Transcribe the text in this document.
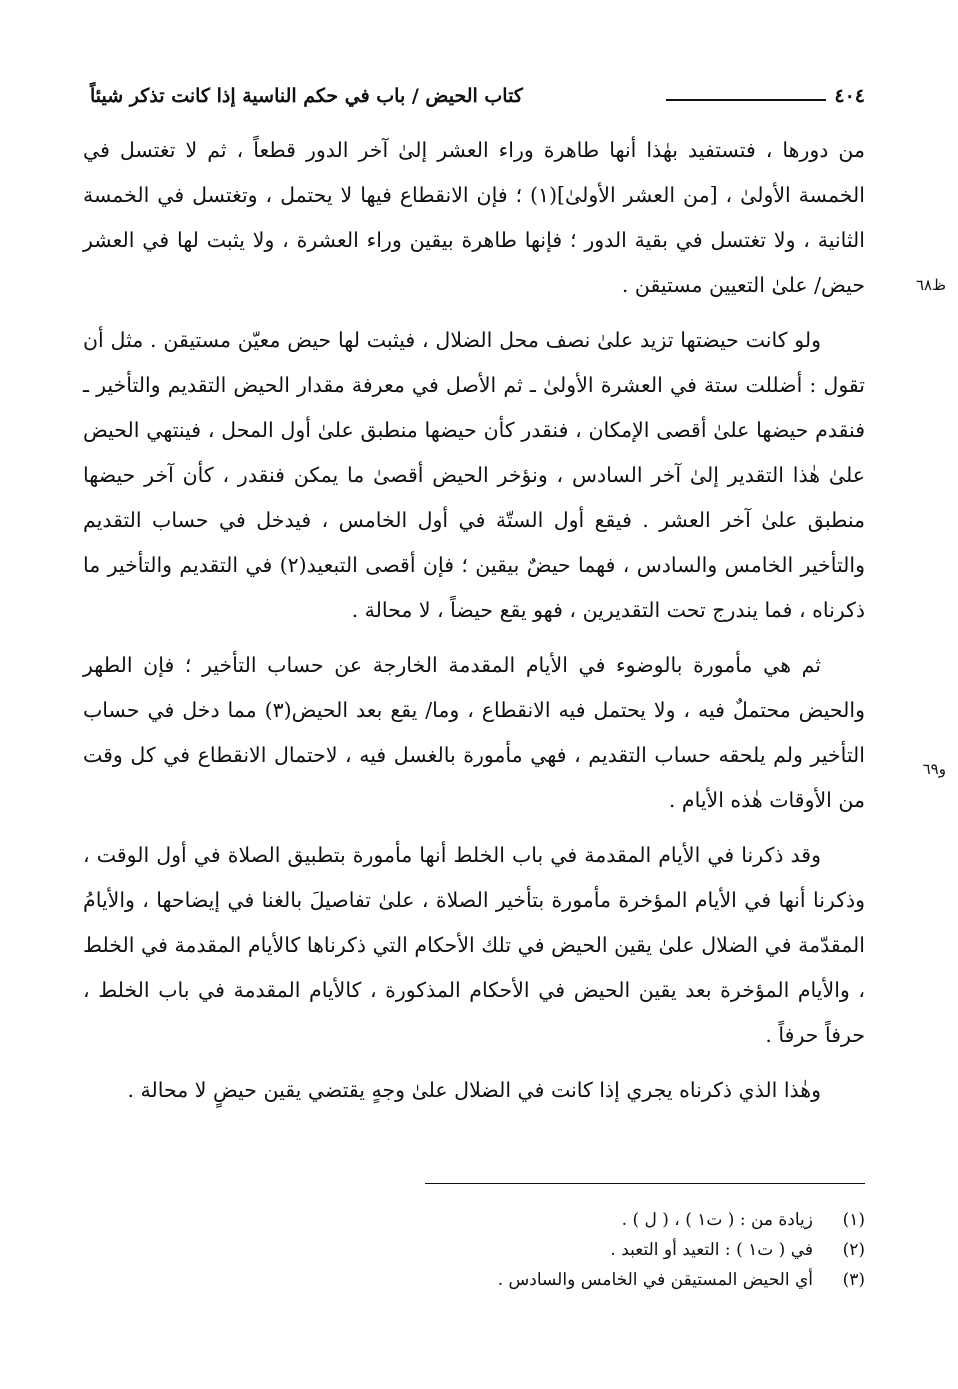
٤٠٤
كتاب الحيض / باب في حكم الناسية إذا كانت تذكر شيئاً
ظ٦٨
و٦٩

من دورها ، فتستفيد بهٰذا أنها طاهرة وراء العشر إلىٰ آخر الدور قطعاً ، ثم لا تغتسل في الخمسة الأولىٰ ، [من العشر الأولىٰ](١) ؛ فإن الانقطاع فيها لا يحتمل ، وتغتسل في الخمسة الثانية ، ولا تغتسل في بقية الدور ؛ فإنها طاهرة بيقين وراء العشرة ، ولا يثبت لها في العشر حيض/ علىٰ التعيين مستيقن .

ولو كانت حيضتها تزيد علىٰ نصف محل الضلال ، فيثبت لها حيض معيّن مستيقن . مثل أن تقول : أضللت ستة في العشرة الأولىٰ ـ ثم الأصل في معرفة مقدار الحيض التقديم والتأخير ـ فنقدم حيضها علىٰ أقصى الإمكان ، فنقدر كأن حيضها منطبق علىٰ أول المحل ، فينتهي الحيض علىٰ هٰذا التقدير إلىٰ آخر السادس ، ونؤخر الحيض أقصىٰ ما يمكن فنقدر ، كأن آخر حيضها منطبق علىٰ آخر العشر . فيقع أول الستّة في أول الخامس ، فيدخل في حساب التقديم والتأخير الخامس والسادس ، فهما حيضٌ بيقين ؛ فإن أقصى التبعيد(٢) في التقديم والتأخير ما ذكرناه ، فما يندرج تحت التقديرين ، فهو يقع حيضاً ، لا محالة .

ثم هي مأمورة بالوضوء في الأيام المقدمة الخارجة عن حساب التأخير ؛ فإن الطهر والحيض محتملٌ فيه ، ولا يحتمل فيه الانقطاع ، وما/ يقع بعد الحيض(٣) مما دخل في حساب التأخير ولم يلحقه حساب التقديم ، فهي مأمورة بالغسل فيه ، لاحتمال الانقطاع في كل وقت من الأوقات هٰذه الأيام .

وقد ذكرنا في الأيام المقدمة في باب الخلط أنها مأمورة بتطبيق الصلاة في أول الوقت ، وذكرنا أنها في الأيام المؤخرة مأمورة بتأخير الصلاة ، علىٰ تفاصيلَ بالغنا في إيضاحها ، والأيامُ المقدّمة في الضلال علىٰ يقين الحيض في تلك الأحكام التي ذكرناها كالأيام المقدمة في الخلط ، والأيام المؤخرة بعد يقين الحيض في الأحكام المذكورة ، كالأيام المقدمة في باب الخلط ، حرفاً حرفاً .

وهٰذا الذي ذكرناه يجري إذا كانت في الضلال علىٰ وجهٍ يقتضي يقين حيضٍ لا محالة .

(١)
زيادة من : ( ت١ ) ، ( ل ) .
(٢)
في ( ت١ ) : التعيد أو التعبد .
(٣)
أي الحيض المستيقن في الخامس والسادس .
